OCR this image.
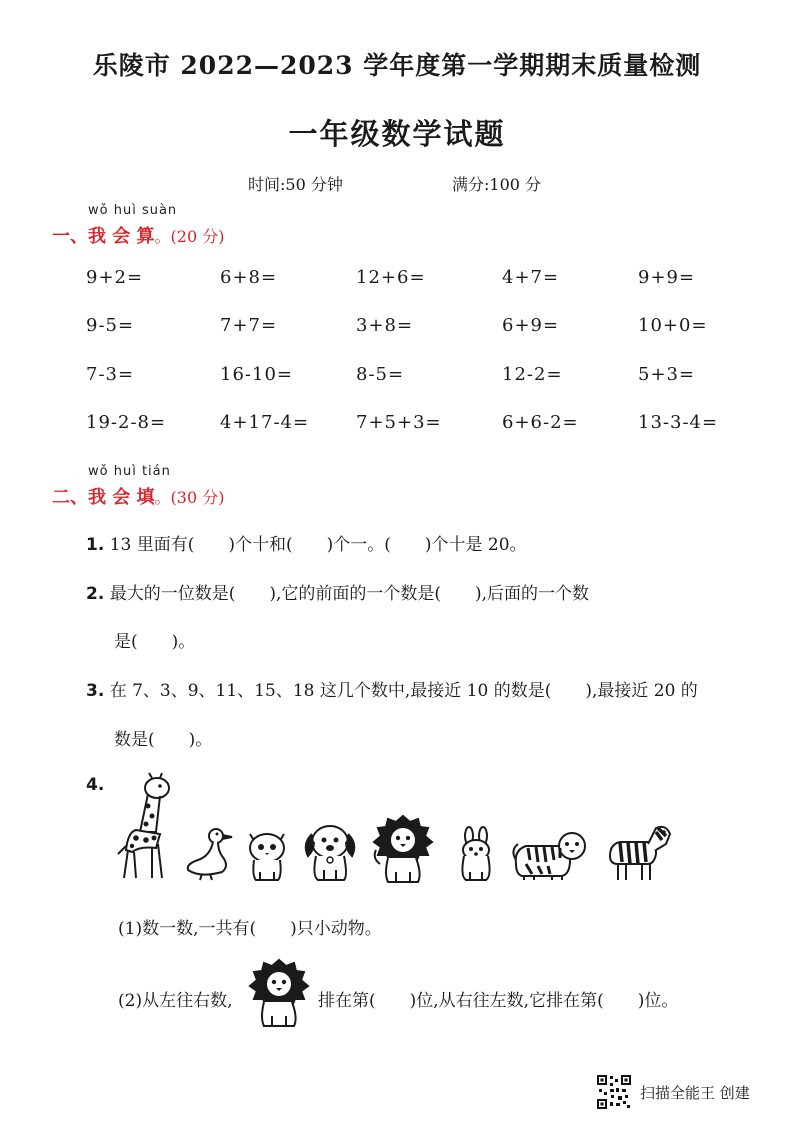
乐陵市 2022—2023 学年度第一学期期末质量检测
一年级数学试题
时间:50 分钟	满分:100 分
wǒ huì suàn
一、我 会 算。(20 分)
9+2=	6+8=	12+6=	4+7=	9+9=
9-5=	7+7=	3+8=	6+9=	10+0=
7-3=	16-10=	8-5=	12-2=	5+3=
19-2-8=	4+17-4=	7+5+3=	6+6-2=	13-3-4=
wǒ huì tián
二、我 会 填。(30 分)
1. 13 里面有(　　)个十和(　　)个一。(　　)个十是 20。
2. 最大的一位数是(　　),它的前面的一个数是(　　),后面的一个数
是(　　)。
3. 在 7、3、9、11、15、18 这几个数中,最接近 10 的数是(　　),最接近 20 的
数是(　　)。
4.
(1)数一数,一共有(　　)只小动物。
(2)从左往右数,	排在第(　　)位,从右往左数,它排在第(　　)位。
扫描全能王 创建
